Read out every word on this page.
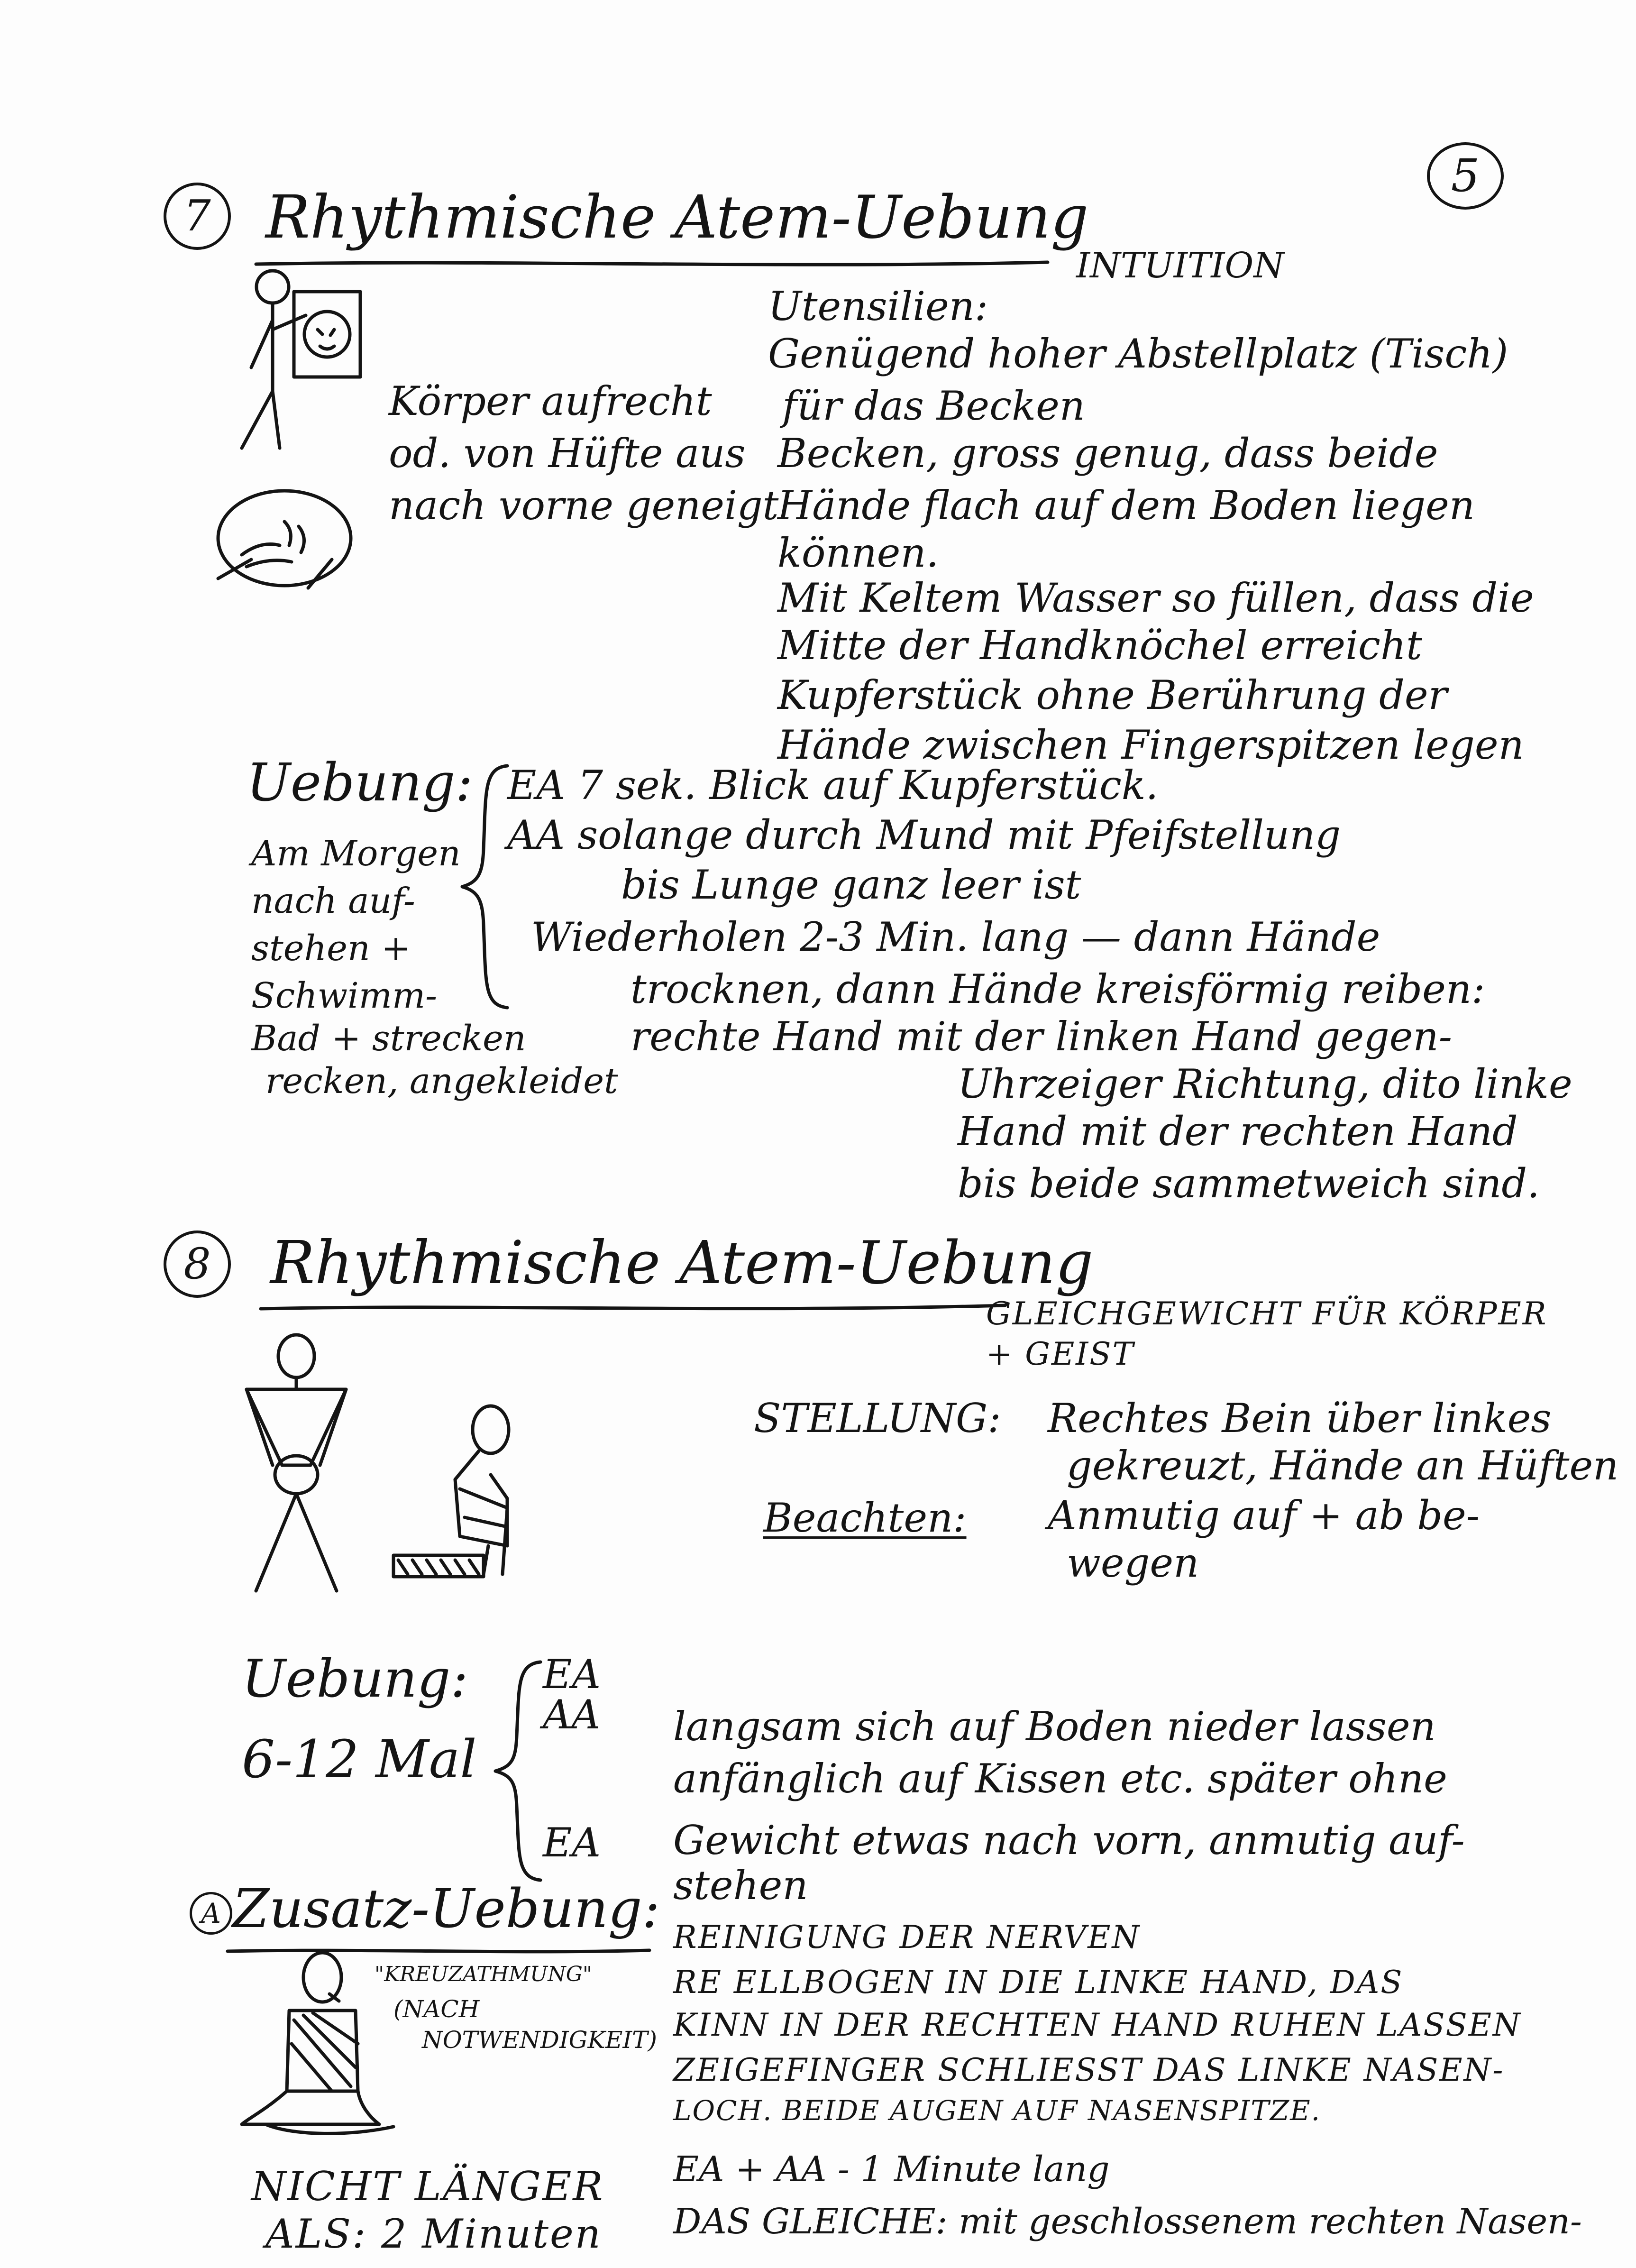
5
7 Rhythmische Atem-Uebung
INTUITION
Körper aufrecht
od. von Hüfte aus
nach vorne geneigt
Utensilien:
Genügend hoher Abstellplatz (Tisch)
für das Becken
Becken, gross genug, dass beide
Hände flach auf dem Boden liegen
können.
Mit Keltem Wasser so füllen, dass die
Mitte der Handknöchel erreicht
Kupferstück ohne Berührung der
Hände zwischen Fingerspitzen legen
Uebung:
Am Morgen
nach auf-
stehen +
Schwimm-
Bad + strecken
recken, angekleidet
EA 7 sek. Blick auf Kupferstück.
AA solange durch Mund mit Pfeifstellung
bis Lunge ganz leer ist
Wiederholen 2-3 Min. lang — dann Hände
trocknen, dann Hände kreisförmig reiben:
rechte Hand mit der linken Hand gegen-
Uhrzeiger Richtung, dito linke
Hand mit der rechten Hand
bis beide sammetweich sind.
8	Rhythmische Atem-Uebung
GLEICHGEWICHT FÜR KÖRPER
+ GEIST
STELLUNG: Rechtes Bein über linkes
gekreuzt, Hände an Hüften
Beachten: Anmutig auf + ab be-
wegen
Uebung:
6-12 Mal
EA
AA
EA
langsam sich auf Boden nieder lassen
anfänglich auf Kissen etc. später ohne
Gewicht etwas nach vorn, anmutig auf-
stehen
A Zusatz-Uebung:
"KREUZATHMUNG"
(NACH
NOTWENDIGKEIT)
NICHT LÄNGER
ALS: 2 Minuten
REINIGUNG DER NERVEN
RE ELLBOGEN IN DIE LINKE HAND, DAS
KINN IN DER RECHTEN HAND RUHEN LASSEN
ZEIGEFINGER SCHLIESST DAS LINKE NASEN-
LOCH. BEIDE AUGEN AUF NASENSPITZE.
EA + AA - 1 Minute lang
DAS GLEICHE: mit geschlossenem rechten Nasen-
